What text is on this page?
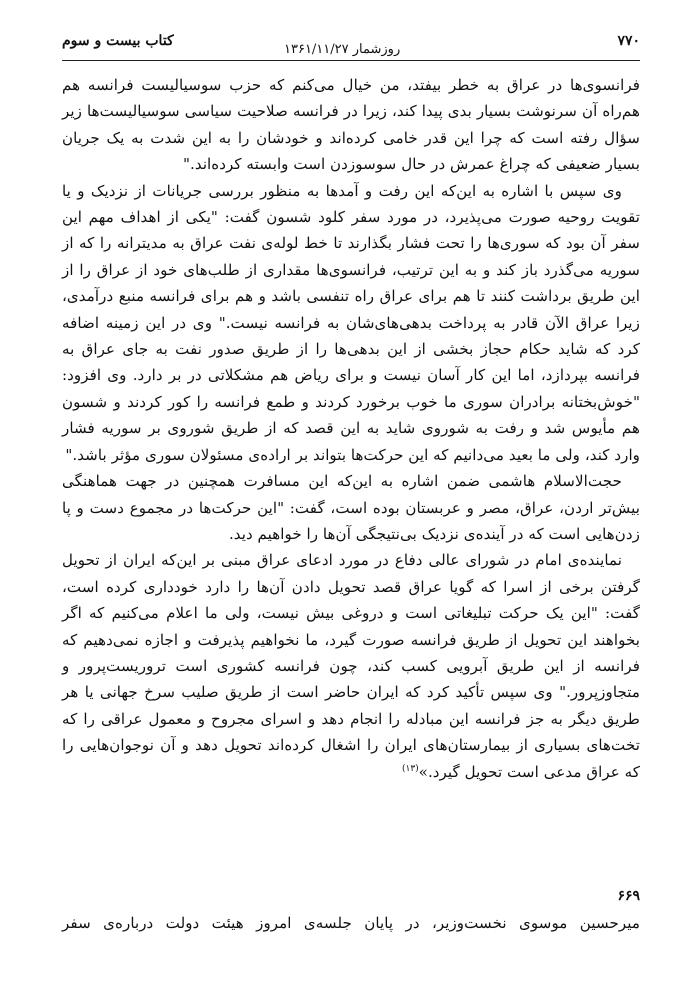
۷۷۰
روزشمار ۱۳۶۱/۱۱/۲۷
کتاب بیست و سوم

فرانسوی‌ها در عراق به خطر بیفتد، من خیال می‌کنم که حزب سوسیالیست فرانسه هم هم‌راه آن سرنوشت بسیار بدی پیدا کند، زیرا در فرانسه صلاحیت سیاسی سوسیالیست‌ها زیر سؤال رفته است که چرا این قدر خامی کرده‌اند و خودشان را به این شدت به یک جریان بسیار ضعیفی که چراغ عمرش در حال سوسوزدن است وابسته کرده‌اند."

وی سپس با اشاره به این‌که این رفت و آمدها به منظور بررسی جریانات از نزدیک و یا تقویت روحیه صورت می‌پذیرد، در مورد سفر کلود شسون گفت: "یکی از اهداف مهم این سفر آن بود که سوری‌ها را تحت فشار بگذارند تا خط لوله‌ی نفت عراق به مدیترانه را که از سوریه می‌گذرد باز کند و به این ترتیب، فرانسوی‌ها مقداری از طلب‌های خود از عراق را از این طریق برداشت کنند تا هم برای عراق راه تنفسی باشد و هم برای فرانسه منبع درآمدی، زیرا عراق الآن قادر به پرداخت بدهی‌های‌شان به فرانسه نیست." وی در این زمینه اضافه کرد که شاید حکام حجاز بخشی از این بدهی‌ها را از طریق صدور نفت به جای عراق به فرانسه بپردازد، اما این کار آسان نیست و برای ریاض هم مشکلاتی در بر دارد. وی افزود: "خوش‌بختانه برادران سوری ما خوب برخورد کردند و طمع فرانسه را کور کردند و شسون هم مأیوس شد و رفت به شوروی شاید به این قصد که از طریق شوروی بر سوریه فشار وارد کند، ولی ما بعید می‌دانیم که این حرکت‌ها بتواند بر اراده‌ی مسئولان سوری مؤثر باشد."

حجت‌الاسلام هاشمی ضمن اشاره به این‌که این مسافرت همچنین در جهت هماهنگی بیش‌تر اردن، عراق، مصر و عربستان بوده است، گفت: "این حرکت‌ها در مجموع دست و پا زدن‌هایی است که در آینده‌ی نزدیک بی‌نتیجگی آن‌ها را خواهیم دید.

نماینده‌ی امام در شورای عالی دفاع در مورد ادعای عراق مبنی بر این‌که ایران از تحویل گرفتن برخی از اسرا که گویا عراق قصد تحویل دادن آن‌ها را دارد خودداری کرده است، گفت: "این یک حرکت تبلیغاتی است و دروغی بیش نیست، ولی ما اعلام می‌کنیم که اگر بخواهند این تحویل از طریق فرانسه صورت گیرد، ما نخواهیم پذیرفت و اجازه نمی‌دهیم که فرانسه از این طریق آبرویی کسب کند، چون فرانسه کشوری است تروریست‌پرور و متجاوزپرور." وی سپس تأکید کرد که ایران حاضر است از طریق صلیب سرخ جهانی یا هر طریق دیگر به جز فرانسه این مبادله را انجام دهد و اسرای مجروح و معمول عراقی را که تخت‌های بسیاری از بیمارستان‌های ایران را اشغال کرده‌اند تحویل دهد و آن نوجوان‌هایی را که عراق مدعی است تحویل گیرد.»$^{(۱۳)}$

۶۶۹
میرحسین موسوی نخست‌وزیر، در پایان جلسه‌ی امروز هیئت دولت درباره‌ی سفر
